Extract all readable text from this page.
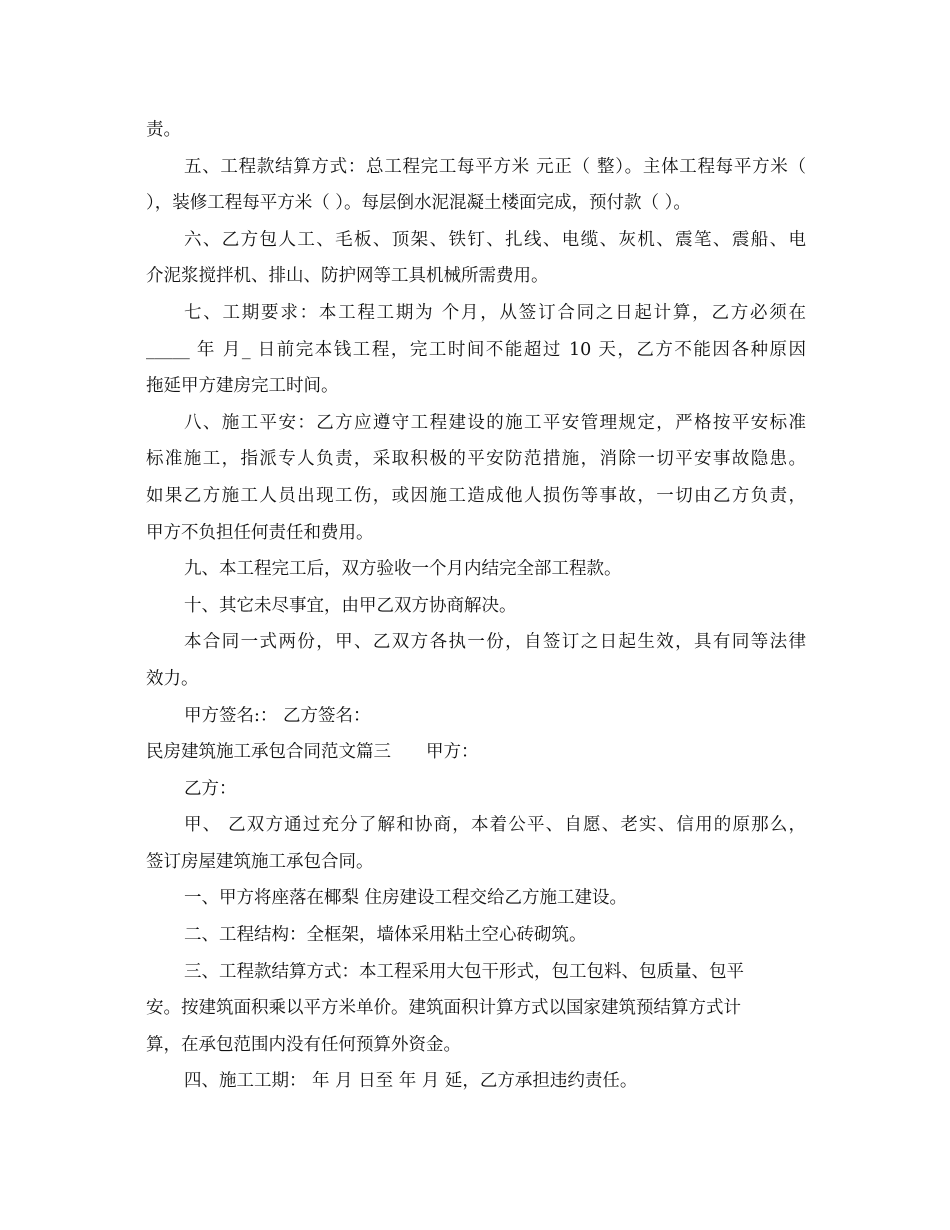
责。
五、工程款结算方式：总工程完工每平方米 元正（ 整）。主体工程每平方米（
），装修工程每平方米（ ）。每层倒水泥混凝土楼面完成，预付款（ ）。
六、乙方包人工、毛板、顶架、铁钉、扎线、电缆、灰机、震笔、震船、电
介泥浆搅拌机、排山、防护网等工具机械所需费用。
七、工期要求：本工程工期为 个月，从签订合同之日起计算，乙方必须在
_____ 年 月_ 日前完本钱工程，完工时间不能超过 10 天，乙方不能因各种原因
拖延甲方建房完工时间。
八、施工平安：乙方应遵守工程建设的施工平安管理规定，严格按平安标准
标准施工，指派专人负责，采取积极的平安防范措施，消除一切平安事故隐患。
如果乙方施工人员出现工伤，或因施工造成他人损伤等事故，一切由乙方负责，
甲方不负担任何责任和费用。
九、本工程完工后，双方验收一个月内结完全部工程款。
十、其它未尽事宜，由甲乙双方协商解决。
本合同一式两份，甲、乙双方各执一份，自签订之日起生效，具有同等法律
效力。
甲方签名:： 乙方签名：
民房建筑施工承包合同范文篇三　　甲方：
乙方：
甲、 乙双方通过充分了解和协商，本着公平、自愿、老实、信用的原那么，
签订房屋建筑施工承包合同。
一、甲方将座落在椰梨 住房建设工程交给乙方施工建设。
二、工程结构：全框架，墙体采用粘土空心砖砌筑。
三、工程款结算方式：本工程采用大包干形式，包工包料、包质量、包平
安。按建筑面积乘以平方米单价。建筑面积计算方式以国家建筑预结算方式计
算，在承包范围内没有任何预算外资金。
四、施工工期： 年 月 日至 年 月 延，乙方承担违约责任。
